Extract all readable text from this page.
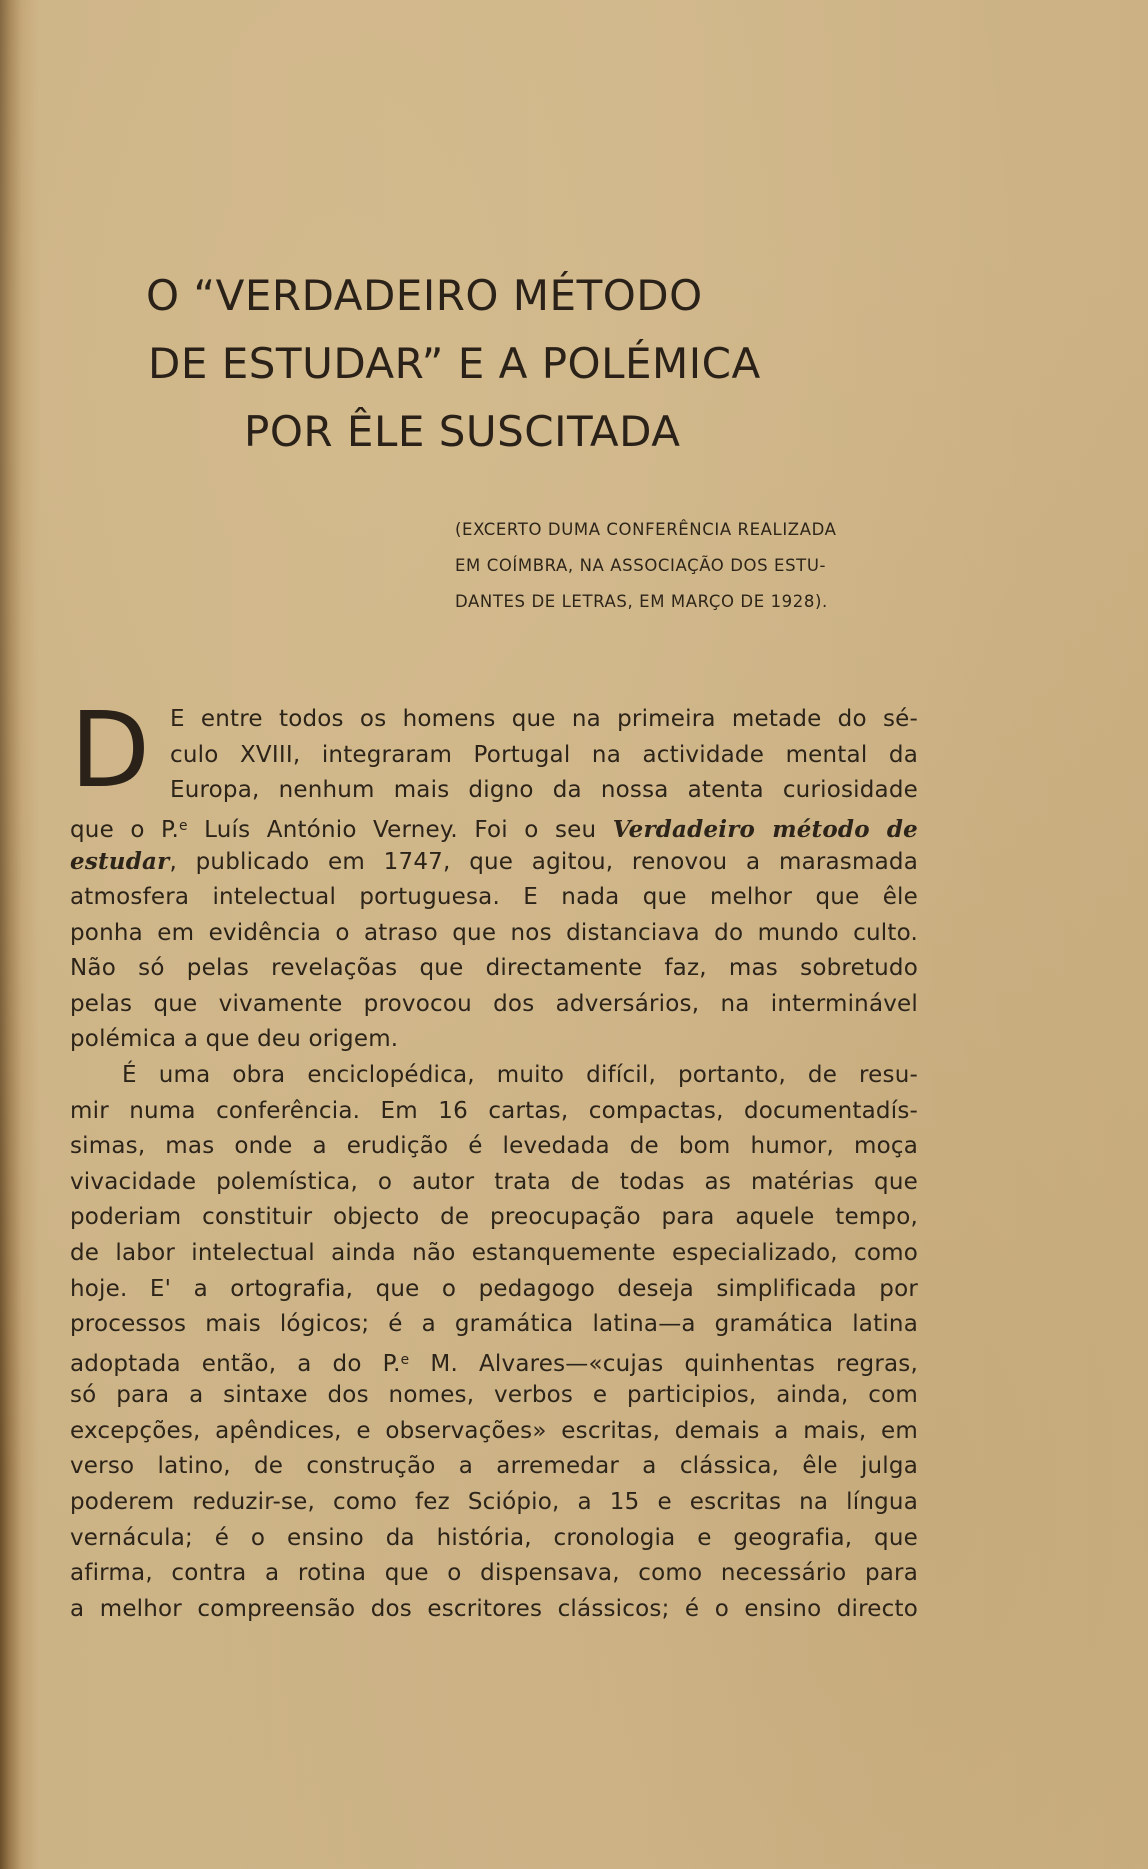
O “VERDADEIRO MÉTODO
DE ESTUDAR” E A POLÉMICA
POR ÊLE SUSCITADA
(EXCERTO DUMA CONFERÊNCIA REALIZADA
EM COÍMBRA, NA ASSOCIAÇÃO DOS ESTU-
DANTES DE LETRAS, EM MARÇO DE 1928).
D E entre todos os homens que na primeira metade do sé-
culo XVIII, integraram Portugal na actividade mental da
Europa, nenhum mais digno da nossa atenta curiosidade
que o P.$^e$ Luís António Verney. Foi o seu Verdadeiro método de
estudar, publicado em 1747, que agitou, renovou a marasmada
atmosfera intelectual portuguesa. E nada que melhor que êle
ponha em evidência o atraso que nos distanciava do mundo culto.
Não só pelas revelaçõas que directamente faz, mas sobretudo
pelas que vivamente provocou dos adversários, na interminável
polémica a que deu origem.
É uma obra enciclopédica, muito difícil, portanto, de resu-
mir numa conferência. Em 16 cartas, compactas, documentadís-
simas, mas onde a erudição é levedada de bom humor, moça
vivacidade polemística, o autor trata de todas as matérias que
poderiam constituir objecto de preocupação para aquele tempo,
de labor intelectual ainda não estanquemente especializado, como
hoje. E' a ortografia, que o pedagogo deseja simplificada por
processos mais lógicos; é a gramática latina—a gramática latina
adoptada então, a do P.$^e$ M. Alvares—«cujas quinhentas regras,
só para a sintaxe dos nomes, verbos e participios, ainda, com
excepções, apêndices, e observações» escritas, demais a mais, em
verso latino, de construção a arremedar a clássica, êle julga
poderem reduzir-se, como fez Sciópio, a 15 e escritas na língua
vernácula; é o ensino da história, cronologia e geografia, que
afirma, contra a rotina que o dispensava, como necessário para
a melhor compreensão dos escritores clássicos; é o ensino directo
